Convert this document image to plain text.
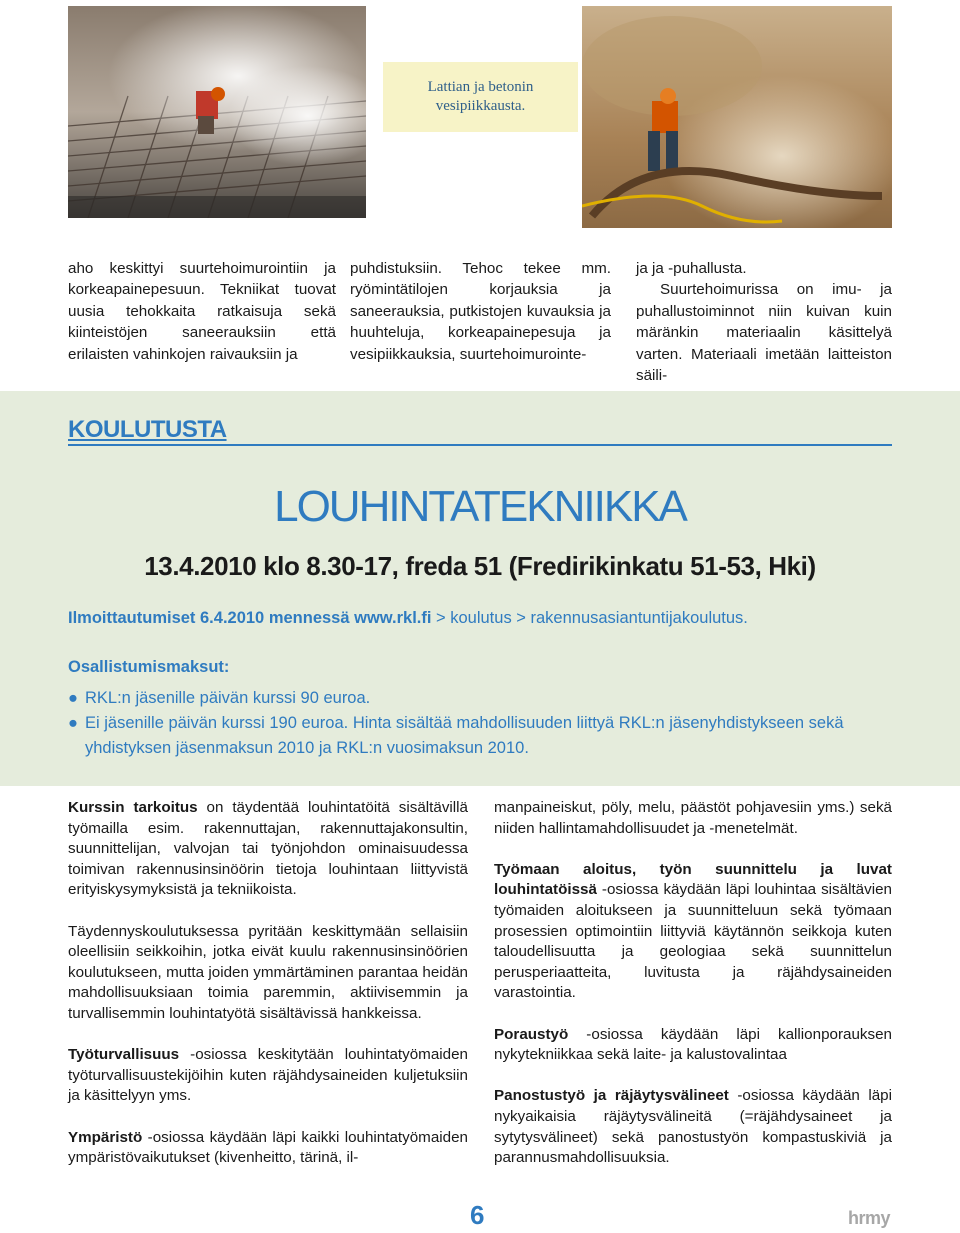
Lattian ja betonin vesipiikkausta.

aho keskittyi suurtehoimurointiin ja korkeapainepesuun. Tekniikat tuovat uusia tehokkaita ratkaisuja sekä kiinteistöjen saneerauksiin että erilaisten vahinkojen raivauksiin ja

puhdistuksiin. Tehoc tekee mm. ryömintätilojen korjauksia ja saneerauksia, putkistojen kuvauksia ja huuhteluja, korkeapainepesuja ja vesipiikkauksia, suurtehoimurointe-

ja ja -puhallusta.

Suurtehoimurissa on imu- ja puhallustoiminnot niin kuivan kuin märänkin materiaalin käsittelyä varten. Materiaali imetään laitteiston säili-

KOULUTUSTA
LOUHINTATEKNIIKKA
13.4.2010 klo 8.30-17, freda 51 (Fredirikinkatu 51-53, Hki)
Ilmoittautumiset 6.4.2010 mennessä www.rkl.fi > koulutus > rakennusasiantuntijakoulutus.
Osallistumismaksut:
● RKL:n jäsenille päivän kurssi 90 euroa.
● Ei jäsenille päivän kurssi 190 euroa. Hinta sisältää mahdollisuuden liittyä RKL:n jäsenyhdistykseen sekä yhdistyksen jäsenmaksun 2010 ja RKL:n vuosimaksun 2010.

Kurssin tarkoitus on täydentää louhintatöitä sisältävillä työmailla esim. rakennuttajan, rakennuttajakonsultin, suunnittelijan, valvojan tai työnjohdon ominaisuudessa toimivan rakennusinsinöörin tietoja louhintaan liittyvistä erityiskysymyksistä ja tekniikoista.

Täydennyskoulutuksessa pyritään keskittymään sellaisiin oleellisiin seikkoihin, jotka eivät kuulu rakennusinsinöörien koulutukseen, mutta joiden ymmärtäminen parantaa heidän mahdollisuuksiaan toimia paremmin, aktiivisemmin ja turvallisemmin louhintatyötä sisältävissä hankkeissa.

Työturvallisuus -osiossa keskitytään louhintatyömaiden työturvallisuustekijöihin kuten räjähdysaineiden kuljetuksiin ja käsittelyyn yms.

Ympäristö -osiossa käydään läpi kaikki louhintatyömaiden ympäristövaikutukset (kivenheitto, tärinä, il-

manpaineiskut, pöly, melu, päästöt pohjavesiin yms.) sekä niiden hallintamahdollisuudet ja -menetelmät.

Työmaan aloitus, työn suunnittelu ja luvat louhintatöissä -osiossa käydään läpi louhintaa sisältävien työmaiden aloitukseen ja suunnitteluun sekä työmaan prosessien optimointiin liittyviä käytännön seikkoja kuten taloudellisuutta ja geologiaa sekä suunnittelun perusperiaatteita, luvitusta ja räjähdysaineiden varastointia.

Poraustyö -osiossa käydään läpi kallionporauksen nykytekniikkaa sekä laite- ja kalustovalintaa

Panostustyö ja räjäytysvälineet -osiossa käydään läpi nykyaikaisia räjäytysvälineitä (=räjähdysaineet ja sytytysvälineet) sekä panostustyön kompastuskiviä ja parannusmahdollisuuksia.

6	hrmy
